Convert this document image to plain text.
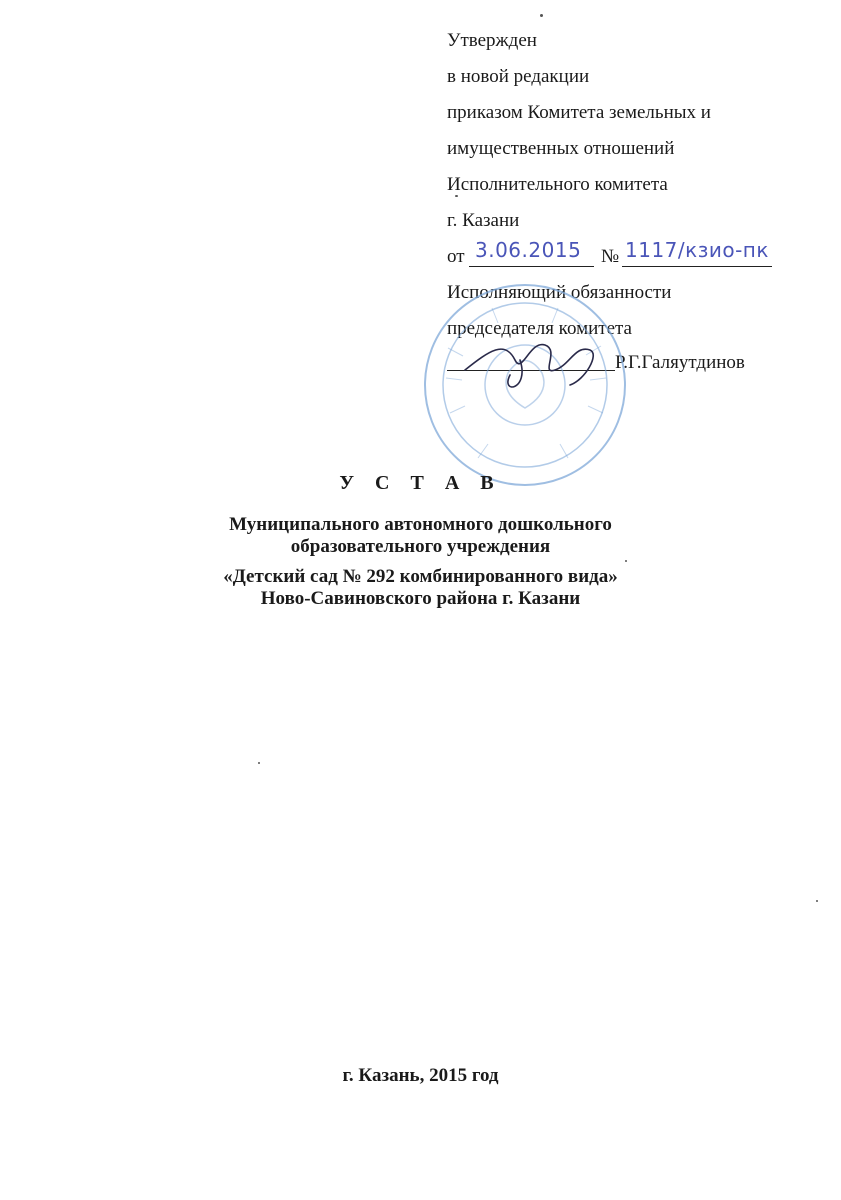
Утвержден
в новой редакции
приказом Комитета земельных и
имущественных отношений
Исполнительного комитета
г. Казани
от 3.06.2015 № 1117/кзио-пк
Исполняющий обязанности
председателя комитета
Р.Г.Галяутдинов
У С Т А В
Муниципального автономного дошкольного
образовательного учреждения
«Детский сад № 292 комбинированного вида»
Ново-Савиновского района г. Казани
г. Казань, 2015 год
